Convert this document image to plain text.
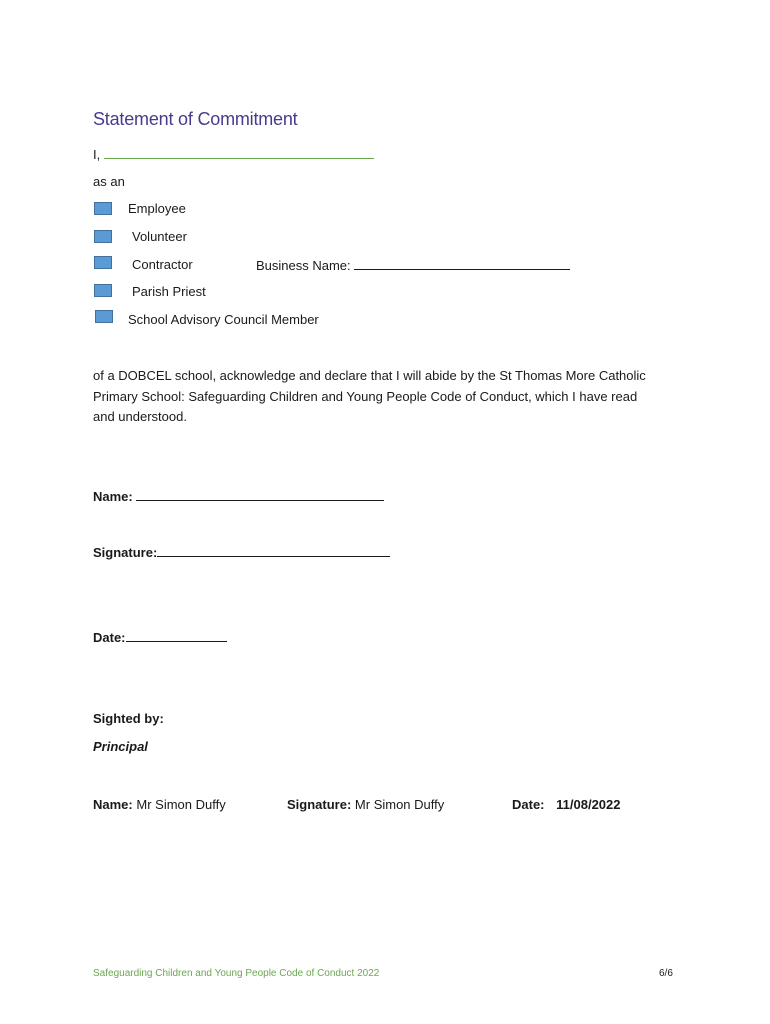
Statement of Commitment
I,
as an
Employee
Volunteer
Contractor	Business Name:
Parish Priest
School Advisory Council Member
of a DOBCEL school, acknowledge and declare that I will abide by the St Thomas More Catholic Primary School: Safeguarding Children and Young People Code of Conduct, which I have read and understood.
Name:
Signature:
Date:
Sighted by:
Principal
Name: Mr Simon Duffy	Signature: Mr Simon Duffy	Date: 11/08/2022
Safeguarding Children and Young People Code of Conduct 2022	6/6
